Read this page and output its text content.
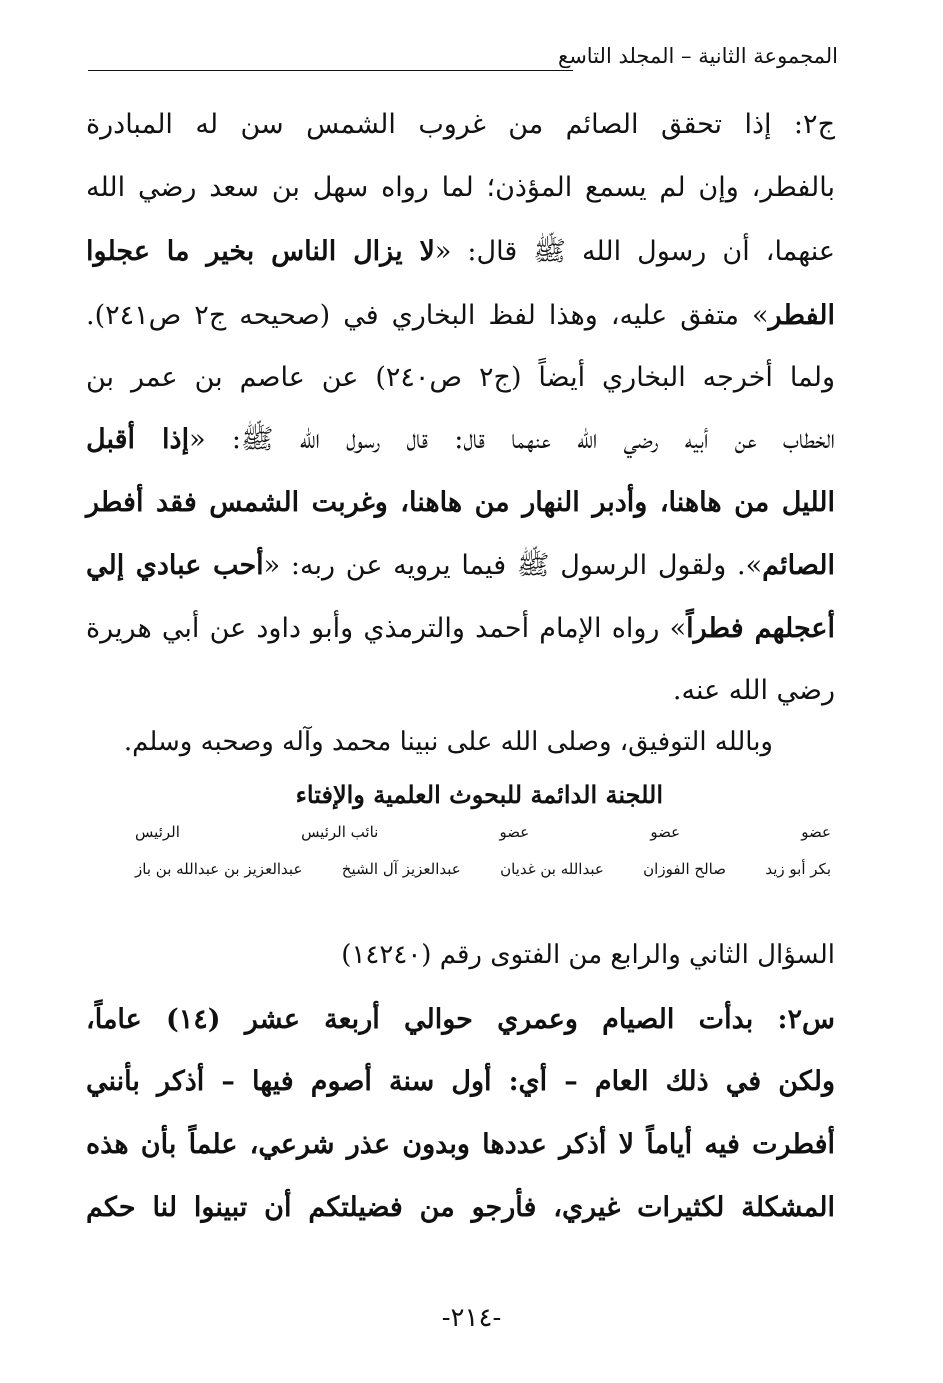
المجموعة الثانية – المجلد التاسع
ج٢: إذا تحقق الصائم من غروب الشمس سن له المبادرة
بالفطر، وإن لم يسمع المؤذن؛ لما رواه سهل بن سعد رضي الله
عنهما، أن رسول الله ﷺ قال: «لا يزال الناس بخير ما عجلوا
الفطر» متفق عليه، وهذا لفظ البخاري في (صحيحه ج٢ ص٢٤١).
ولما أخرجه البخاري أيضاً (ج٢ ص٢٤٠) عن عاصم بن عمر بن
الخطاب عن أبيه رضي الله عنهما قال: قال رسول الله ﷺ: «إذا أقبل
الليل من هاهنا، وأدبر النهار من هاهنا، وغربت الشمس فقد أفطر
الصائم». ولقول الرسول ﷺ فيما يرويه عن ربه: «أحب عبادي إلي
أعجلهم فطراً» رواه الإمام أحمد والترمذي وأبو داود عن أبي هريرة
رضي الله عنه.
وبالله التوفيق، وصلى الله على نبينا محمد وآله وصحبه وسلم.
اللجنة الدائمة للبحوث العلمية والإفتاء
عضو
عضو
عضو
نائب الرئيس
الرئيس
بكر أبو زيد
صالح الفوزان
عبدالله بن غديان
عبدالعزيز آل الشيخ
عبدالعزيز بن عبدالله بن باز
السؤال الثاني والرابع من الفتوى رقم (١٤٢٤٠)
س٢: بدأت الصيام وعمري حوالي أربعة عشر (١٤) عاماً،
ولكن في ذلك العام – أي: أول سنة أصوم فيها – أذكر بأنني
أفطرت فيه أياماً لا أذكر عددها وبدون عذر شرعي، علماً بأن هذه
المشكلة لكثيرات غيري، فأرجو من فضيلتكم أن تبينوا لنا حكم
-٢١٤-
